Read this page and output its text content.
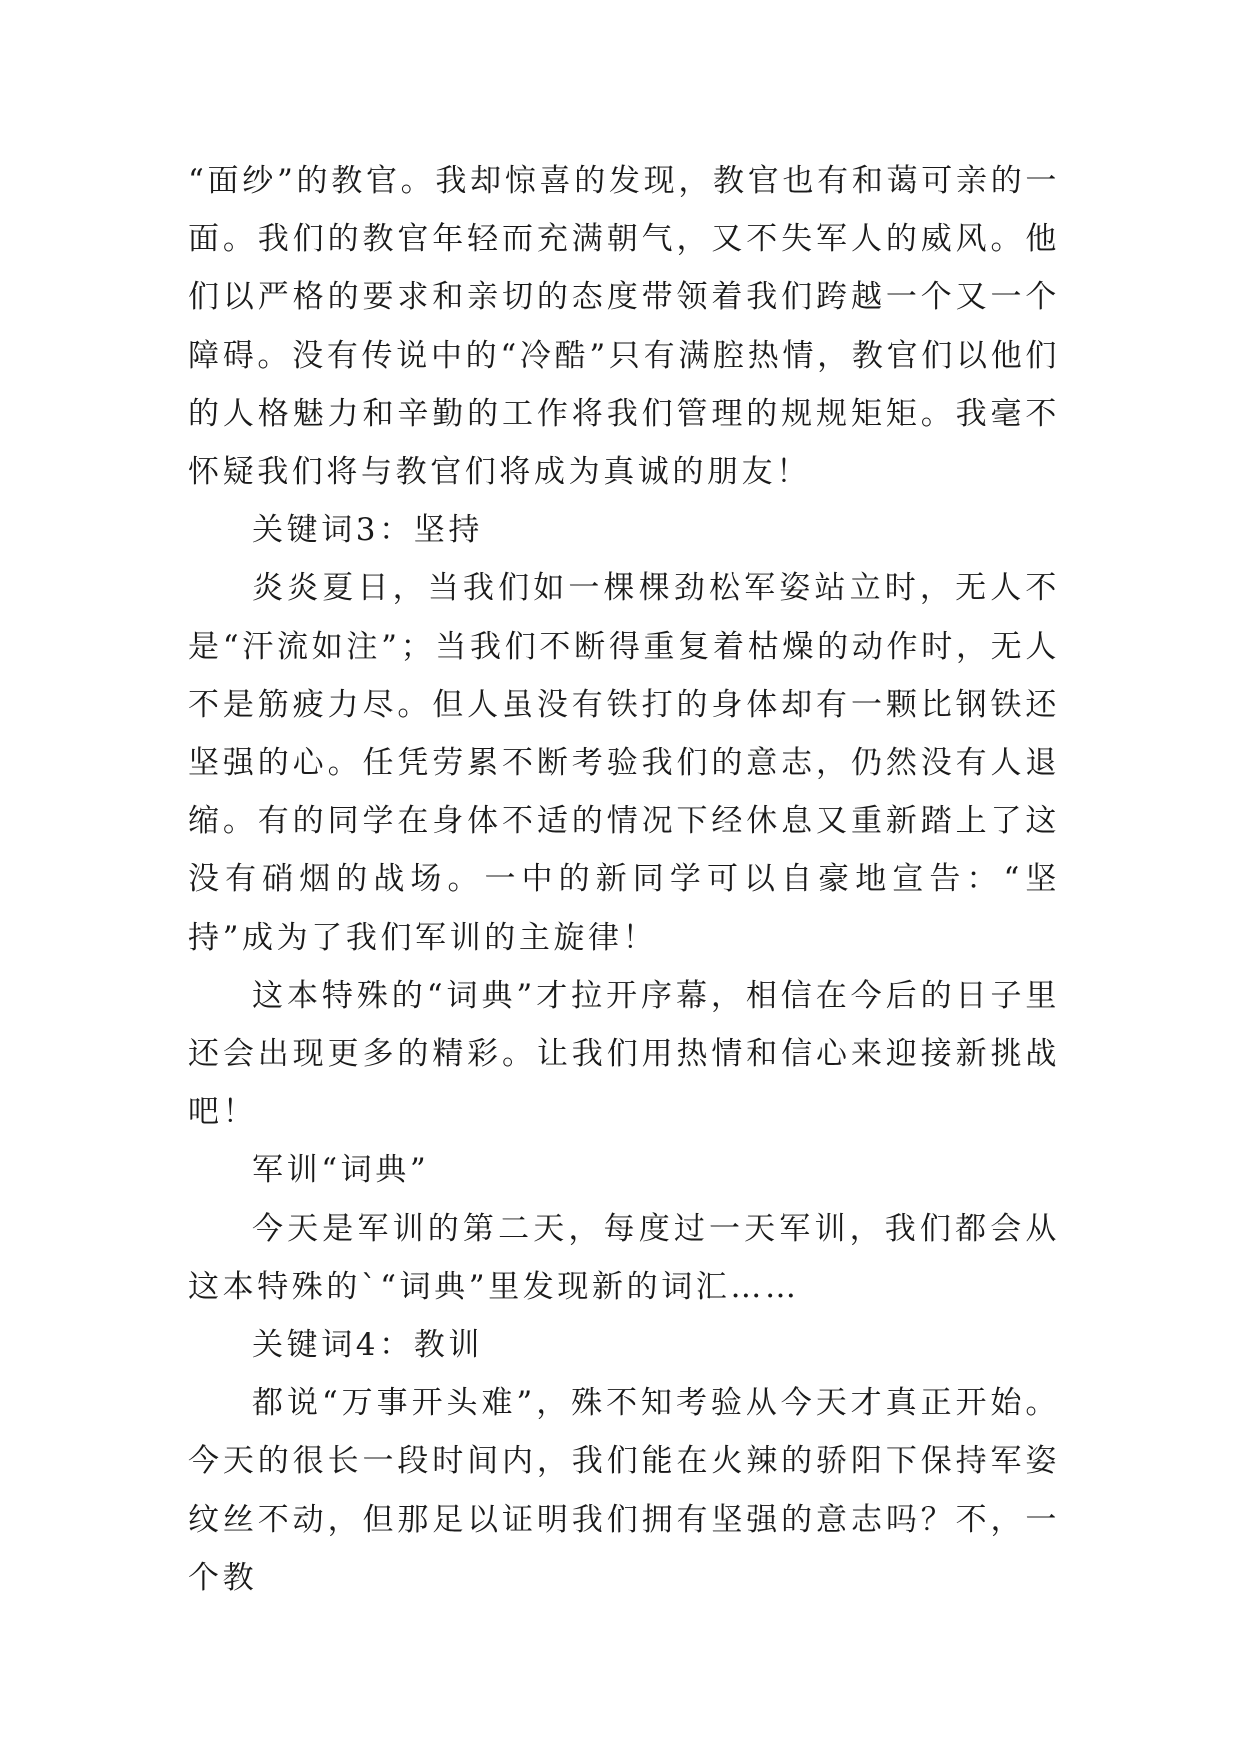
“面纱”的教官。我却惊喜的发现，教官也有和蔼可亲的一面。我们的教官年轻而充满朝气，又不失军人的威风。他们以严格的要求和亲切的态度带领着我们跨越一个又一个障碍。没有传说中的“冷酷”只有满腔热情，教官们以他们的人格魅力和辛勤的工作将我们管理的规规矩矩。我毫不怀疑我们将与教官们将成为真诚的朋友！

关键词3：坚持

炎炎夏日，当我们如一棵棵劲松军姿站立时，无人不是“汗流如注”；当我们不断得重复着枯燥的动作时，无人不是筋疲力尽。但人虽没有铁打的身体却有一颗比钢铁还坚强的心。任凭劳累不断考验我们的意志，仍然没有人退缩。有的同学在身体不适的情况下经休息又重新踏上了这没有硝烟的战场。一中的新同学可以自豪地宣告：“坚持”成为了我们军训的主旋律！

这本特殊的“词典”才拉开序幕，相信在今后的日子里还会出现更多的精彩。让我们用热情和信心来迎接新挑战吧！

军训“词典”

今天是军训的第二天，每度过一天军训，我们都会从这本特殊的`“词典”里发现新的词汇……

关键词4：教训

都说“万事开头难”，殊不知考验从今天才真正开始。今天的很长一段时间内，我们能在火辣的骄阳下保持军姿纹丝不动，但那足以证明我们拥有坚强的意志吗？不，一个教
